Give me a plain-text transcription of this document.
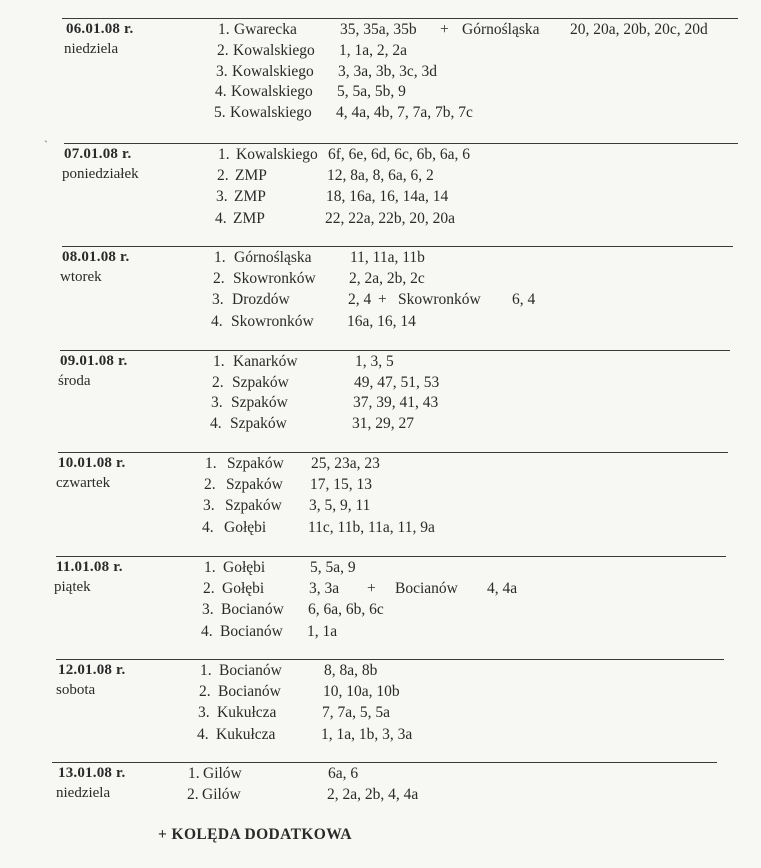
`
06.01.08 r.
niedziela
1. Gwarecka	35, 35a, 35b + Górnośląska 20, 20a, 20b, 20c, 20d
2. Kowalskiego 1, 1a, 2, 2a
3. Kowalskiego 3, 3a, 3b, 3c, 3d
4. Kowalskiego 5, 5a, 5b, 9
5. Kowalskiego 4, 4a, 4b, 7, 7a, 7b, 7c
07.01.08 r.
poniedziałek
1. Kowalskiego 6f, 6e, 6d, 6c, 6b, 6a, 6
2. ZMP	12, 8a, 8, 6a, 6, 2
3. ZMP	18, 16a, 16, 14a, 14
4. ZMP	22, 22a, 22b, 20, 20a
08.01.08 r.
wtorek
1. Górnośląska 11, 11a, 11b
2. Skowronków 2, 2a, 2b, 2c
3. Drozdów	2, 4 + Skowronków 6, 4
4. Skowronków 16a, 16, 14
09.01.08 r.
środa
1. Kanarków	1, 3, 5
2. Szpaków	49, 47, 51, 53
3. Szpaków	37, 39, 41, 43
4. Szpaków	31, 29, 27
10.01.08 r.
czwartek
1. Szpaków 25, 23a, 23
2. Szpaków 17, 15, 13
3. Szpaków 3, 5, 9, 11
4. Gołębi	11c, 11b, 11a, 11, 9a
11.01.08 r.
piątek
1. Gołębi	5, 5a, 9
2. Gołębi	3, 3a + Bocianów 4, 4a
3. Bocianów 6, 6a, 6b, 6c
4. Bocianów 1, 1a
12.01.08 r.
sobota
1. Bocianów	8, 8a, 8b
2. Bocianów	10, 10a, 10b
3. Kukułcza	7, 7a, 5, 5a
4. Kukułcza	1, 1a, 1b, 3, 3a
13.01.08 r.
niedziela
1. Gilów	6a, 6
2. Gilów	2, 2a, 2b, 4, 4a
+ KOLĘDA DODATKOWA
